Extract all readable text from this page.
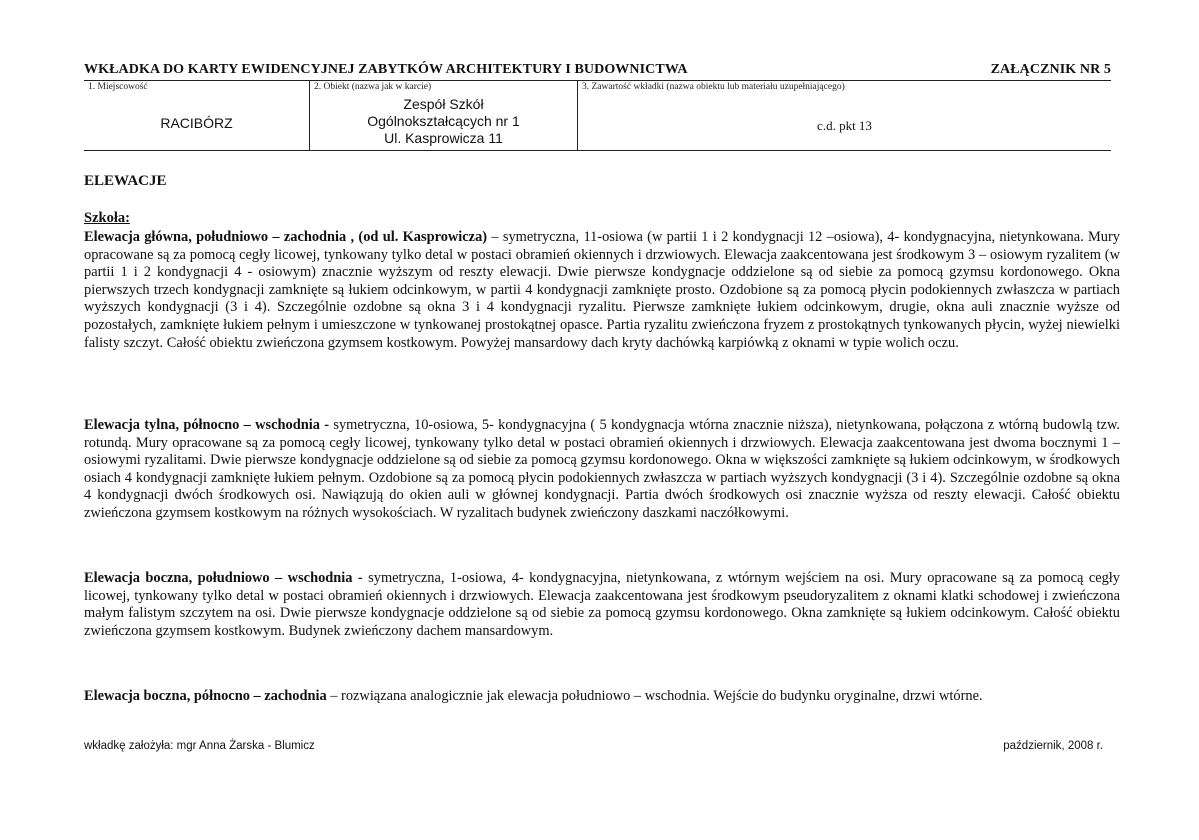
WKŁADKA DO KARTY EWIDENCYJNEJ ZABYTKÓW ARCHITEKTURY I BUDOWNICTWA	ZAŁĄCZNIK NR 5
1. Miejscowość
RACIBÓRZ
2. Obiekt (nazwa jak w karcie)
Zespół Szkół
Ogólnokształcących nr 1
Ul. Kasprowicza 11
3. Zawartość wkładki (nazwa obiektu lub materiału uzupełniającego)
c.d. pkt 13
ELEWACJE
Szkoła:
Elewacja główna, południowo – zachodnia , (od ul. Kasprowicza) – symetryczna, 11-osiowa (w partii 1 i 2 kondygnacji 12 –osiowa), 4- kondygnacyjna, nietynkowana. Mury opracowane są za pomocą cegły licowej, tynkowany tylko detal w postaci obramień okiennych i drzwiowych. Elewacja zaakcentowana jest środkowym 3 – osiowym ryzalitem (w partii 1 i 2 kondygnacji 4 - osiowym) znacznie wyższym od reszty elewacji. Dwie pierwsze kondygnacje oddzielone są od siebie za pomocą gzymsu kordonowego. Okna pierwszych trzech kondygnacji zamknięte są łukiem odcinkowym, w partii 4 kondygnacji zamknięte prosto. Ozdobione są za pomocą płycin podokiennych zwłaszcza w partiach wyższych kondygnacji (3 i 4). Szczególnie ozdobne są okna 3 i 4 kondygnacji ryzalitu. Pierwsze zamknięte łukiem odcinkowym, drugie, okna auli znacznie wyższe od pozostałych, zamknięte łukiem pełnym i umieszczone w tynkowanej prostokątnej opasce. Partia ryzalitu zwieńczona fryzem z prostokątnych tynkowanych płycin, wyżej niewielki falisty szczyt. Całość obiektu zwieńczona gzymsem kostkowym. Powyżej mansardowy dach kryty dachówką karpiówką z oknami w typie wolich oczu.
Elewacja tylna, północno – wschodnia - symetryczna, 10-osiowa, 5- kondygnacyjna ( 5 kondygnacja wtórna znacznie niższa), nietynkowana, połączona z wtórną budowlą tzw. rotundą. Mury opracowane są za pomocą cegły licowej, tynkowany tylko detal w postaci obramień okiennych i drzwiowych. Elewacja zaakcentowana jest dwoma bocznymi 1 – osiowymi ryzalitami. Dwie pierwsze kondygnacje oddzielone są od siebie za pomocą gzymsu kordonowego. Okna w większości zamknięte są łukiem odcinkowym, w środkowych osiach 4 kondygnacji zamknięte łukiem pełnym. Ozdobione są za pomocą płycin podokiennych zwłaszcza w partiach wyższych kondygnacji (3 i 4). Szczególnie ozdobne są okna 4 kondygnacji dwóch środkowych osi. Nawiązują do okien auli w głównej kondygnacji. Partia dwóch środkowych osi znacznie wyższa od reszty elewacji. Całość obiektu zwieńczona gzymsem kostkowym na różnych wysokościach. W ryzalitach budynek zwieńczony daszkami naczółkowymi.
Elewacja boczna, południowo – wschodnia - symetryczna, 1-osiowa, 4- kondygnacyjna, nietynkowana, z wtórnym wejściem na osi. Mury opracowane są za pomocą cegły licowej, tynkowany tylko detal w postaci obramień okiennych i drzwiowych. Elewacja zaakcentowana jest środkowym pseudoryzalitem z oknami klatki schodowej i zwieńczona małym falistym szczytem na osi. Dwie pierwsze kondygnacje oddzielone są od siebie za pomocą gzymsu kordonowego. Okna zamknięte są łukiem odcinkowym. Całość obiektu zwieńczona gzymsem kostkowym. Budynek zwieńczony dachem mansardowym.
Elewacja boczna, północno – zachodnia – rozwiązana analogicznie jak elewacja południowo – wschodnia. Wejście do budynku oryginalne, drzwi wtórne.
wkładkę założyła: mgr Anna Żarska - Blumicz	październik, 2008 r.
